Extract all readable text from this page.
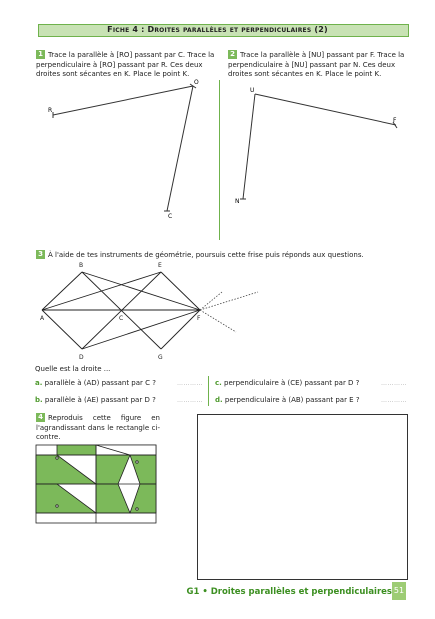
Fiche 4 : Droites parallèles et perpendiculaires (2)
1 Trace la parallèle à [RO] passant par C. Trace la perpendiculaire à [RO] passant par R. Ces deux droites sont sécantes en K. Place le point K.
2 Trace la parallèle à [NU] passant par F. Trace la perpendiculaire à [NU] passant par N. Ces deux droites sont sécantes en K. Place le point K.
R
O
C
U
F
N
A
B
C
D
E
F
G
3 À l'aide de tes instruments de géométrie, poursuis cette frise puis réponds aux questions.
Quelle est la droite ...
a. parallèle à (AD) passant par C ?	…………
b. parallèle à (AE) passant par D ?	…………
c. perpendiculaire à (CE) passant par D ?	…………
d. perpendiculaire à (AB) passant par E ?	…………
4 Reproduis cette figure en l'agrandissant dans le rectangle ci-contre.
G1 • Droites parallèles et perpendiculaires 51
